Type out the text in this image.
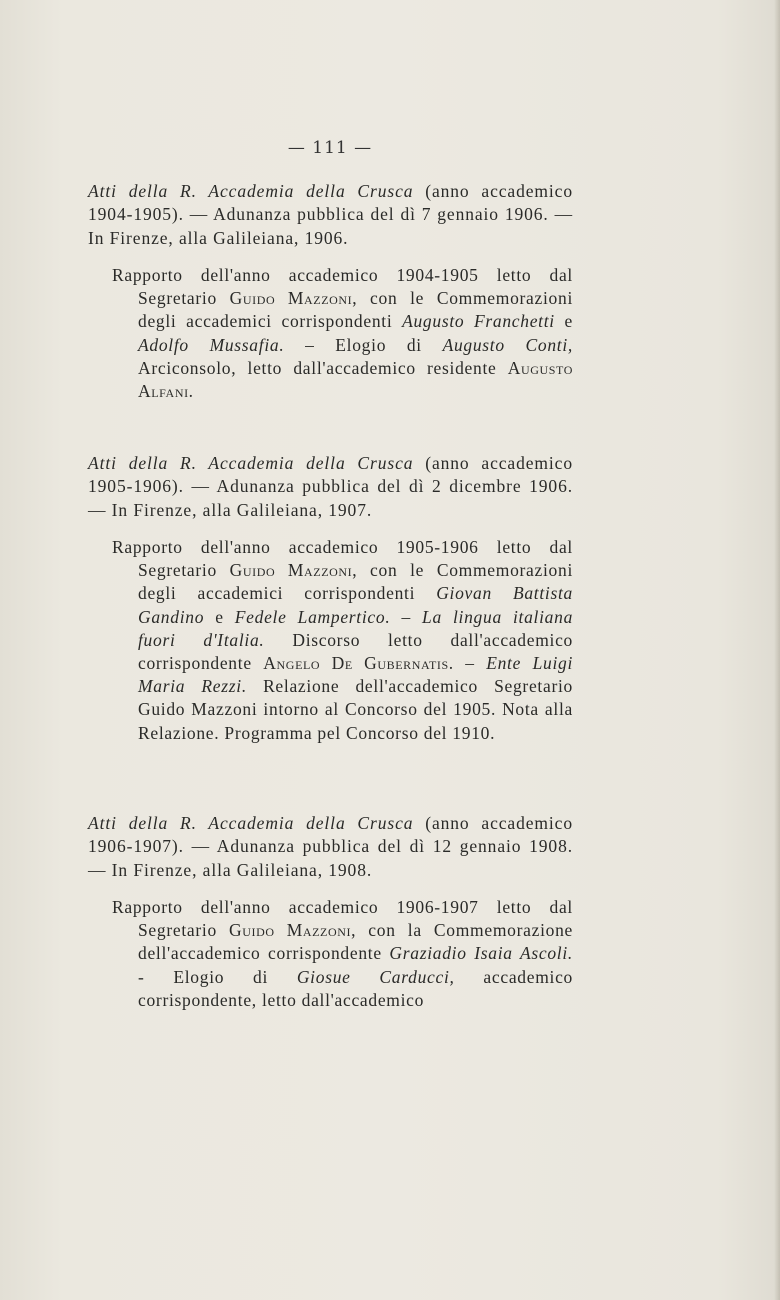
— 111 —

Atti della R. Accademia della Crusca (anno accademico 1904-1905). — Adunanza pubblica del dì 7 gennaio 1906. — In Firenze, alla Galileiana, 1906.

Rapporto dell'anno accademico 1904-1905 letto dal Segretario Guido Mazzoni, con le Commemorazioni degli accademici corrispondenti Augusto Franchetti e Adolfo Mussafia. – Elogio di Augusto Conti, Arciconsolo, letto dall'accademico residente Augusto Alfani.

Atti della R. Accademia della Crusca (anno accademico 1905-1906). — Adunanza pubblica del dì 2 dicembre 1906. — In Firenze, alla Galileiana, 1907.

Rapporto dell'anno accademico 1905-1906 letto dal Segretario Guido Mazzoni, con le Commemorazioni degli accademici corrispondenti Giovan Battista Gandino e Fedele Lampertico. – La lingua italiana fuori d'Italia. Discorso letto dall'accademico corrispondente Angelo De Gubernatis. – Ente Luigi Maria Rezzi. Relazione dell'accademico Segretario Guido Mazzoni intorno al Concorso del 1905. Nota alla Relazione. Programma pel Concorso del 1910.

Atti della R. Accademia della Crusca (anno accademico 1906-1907). — Adunanza pubblica del dì 12 gennaio 1908. — In Firenze, alla Galileiana, 1908.

Rapporto dell'anno accademico 1906-1907 letto dal Segretario Guido Mazzoni, con la Commemorazione dell'accademico corrispondente Graziadio Isaia Ascoli. - Elogio di Giosue Carducci, accademico corrispondente, letto dall'accademico
